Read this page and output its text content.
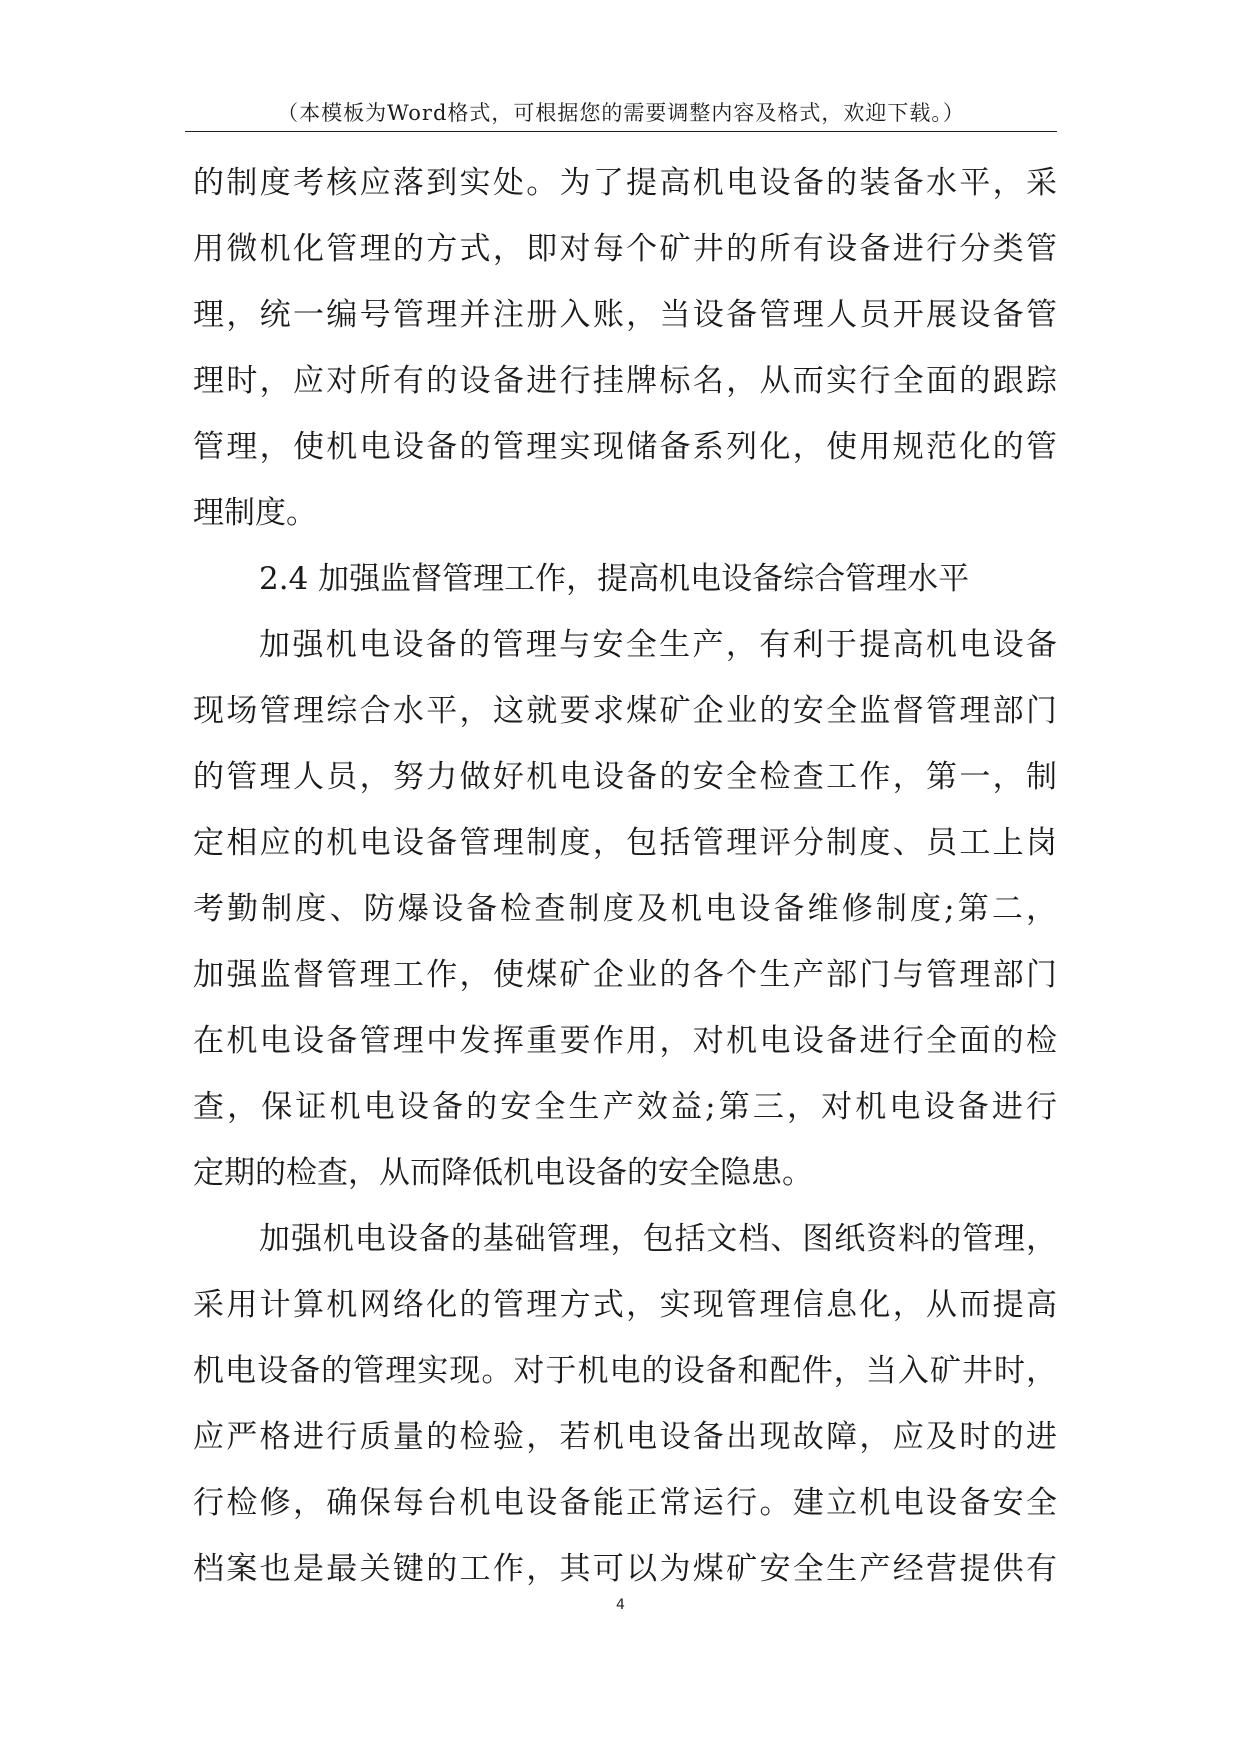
（本模板为Word格式，可根据您的需要调整内容及格式，欢迎下载。）
的制度考核应落到实处。为了提高机电设备的装备水平，采
用微机化管理的方式，即对每个矿井的所有设备进行分类管
理，统一编号管理并注册入账，当设备管理人员开展设备管
理时，应对所有的设备进行挂牌标名，从而实行全面的跟踪
管理，使机电设备的管理实现储备系列化，使用规范化的管
理制度。
2.4 加强监督管理工作，提高机电设备综合管理水平
加强机电设备的管理与安全生产，有利于提高机电设备
现场管理综合水平，这就要求煤矿企业的安全监督管理部门
的管理人员，努力做好机电设备的安全检查工作，第一，制
定相应的机电设备管理制度，包括管理评分制度、员工上岗
考勤制度、防爆设备检查制度及机电设备维修制度;第二，
加强监督管理工作，使煤矿企业的各个生产部门与管理部门
在机电设备管理中发挥重要作用，对机电设备进行全面的检
查，保证机电设备的安全生产效益;第三，对机电设备进行
定期的检查，从而降低机电设备的安全隐患。
加强机电设备的基础管理，包括文档、图纸资料的管理，
采用计算机网络化的管理方式，实现管理信息化，从而提高
机电设备的管理实现。对于机电的设备和配件，当入矿井时，
应严格进行质量的检验，若机电设备出现故障，应及时的进
行检修，确保每台机电设备能正常运行。建立机电设备安全
档案也是最关键的工作，其可以为煤矿安全生产经营提供有
4
